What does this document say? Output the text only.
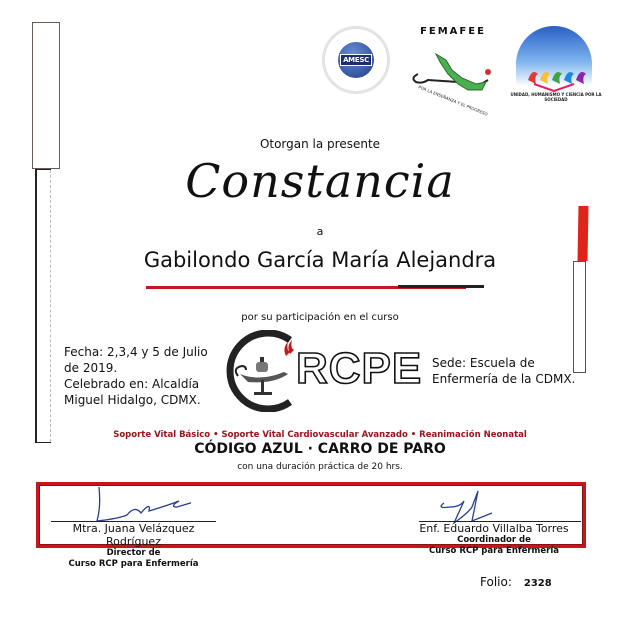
AMESC
FEMAFEE
POR LA ENSEÑANZA Y EL PROGRESO	UNIDAD, HUMANISMO Y CIENCIA POR LA SOCIEDAD
Otorgan la presente
Constancia
a
Gabilondo García María Alejandra
por su participación en el curso
Fecha: 2,3,4 y 5 de Julio
de 2019.
Celebrado en: Alcaldía
Miguel Hidalgo, CDMX.
RCPE Sede: Escuela de
Enfermería de la CDMX.
Soporte Vital Básico • Soporte Vital Cardiovascular Avanzado • Reanimación Neonatal
CÓDIGO AZUL · CARRO DE PARO
con una duración práctica de 20 hrs.
Mtra. Juana Velázquez Rodríguez
Director de
Curso RCP para Enfermería
Enf. Eduardo Villalba Torres
Coordinador de
Curso RCP para Enfermería
Folio: 2328
